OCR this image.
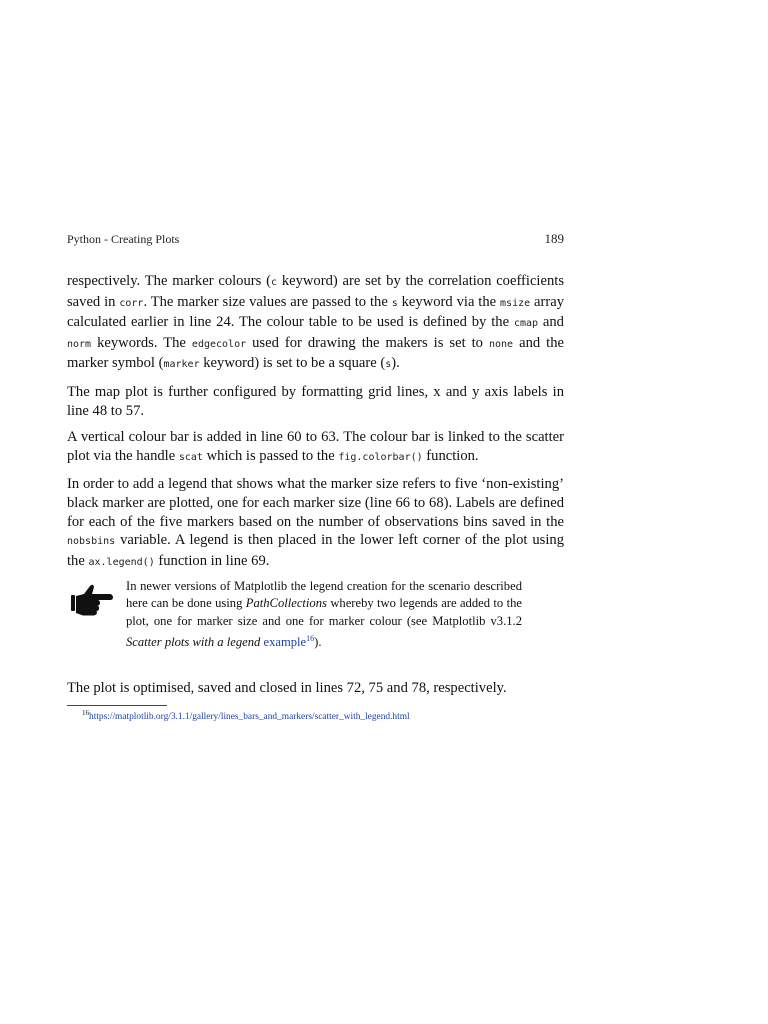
Python - Creating Plots	189

respectively. The marker colours (c keyword) are set by the correlation coefficients saved in corr. The marker size values are passed to the s keyword via the msize array calculated earlier in line 24. The colour table to be used is defined by the cmap and norm keywords. The edgecolor used for drawing the makers is set to none and the marker symbol (marker keyword) is set to be a square (s).

The map plot is further configured by formatting grid lines, x and y axis labels in line 48 to 57.

A vertical colour bar is added in line 60 to 63. The colour bar is linked to the scatter plot via the handle scat which is passed to the fig.colorbar() function.

In order to add a legend that shows what the marker size refers to five ‘non-existing’ black marker are plotted, one for each marker size (line 66 to 68). Labels are defined for each of the five markers based on the number of observations bins saved in the nobsbins variable. A legend is then placed in the lower left corner of the plot using the ax.legend() function in line 69.

In newer versions of Matplotlib the legend creation for the scenario described here can be done using PathCollections whereby two legends are added to the plot, one for marker size and one for marker colour (see Matplotlib v3.1.2 Scatter plots with a legend example$^{16}$).

The plot is optimised, saved and closed in lines 72, 75 and 78, respectively.

$^{16}$https://matplotlib.org/3.1.1/gallery/lines_bars_and_markers/scatter_with_legend.html
